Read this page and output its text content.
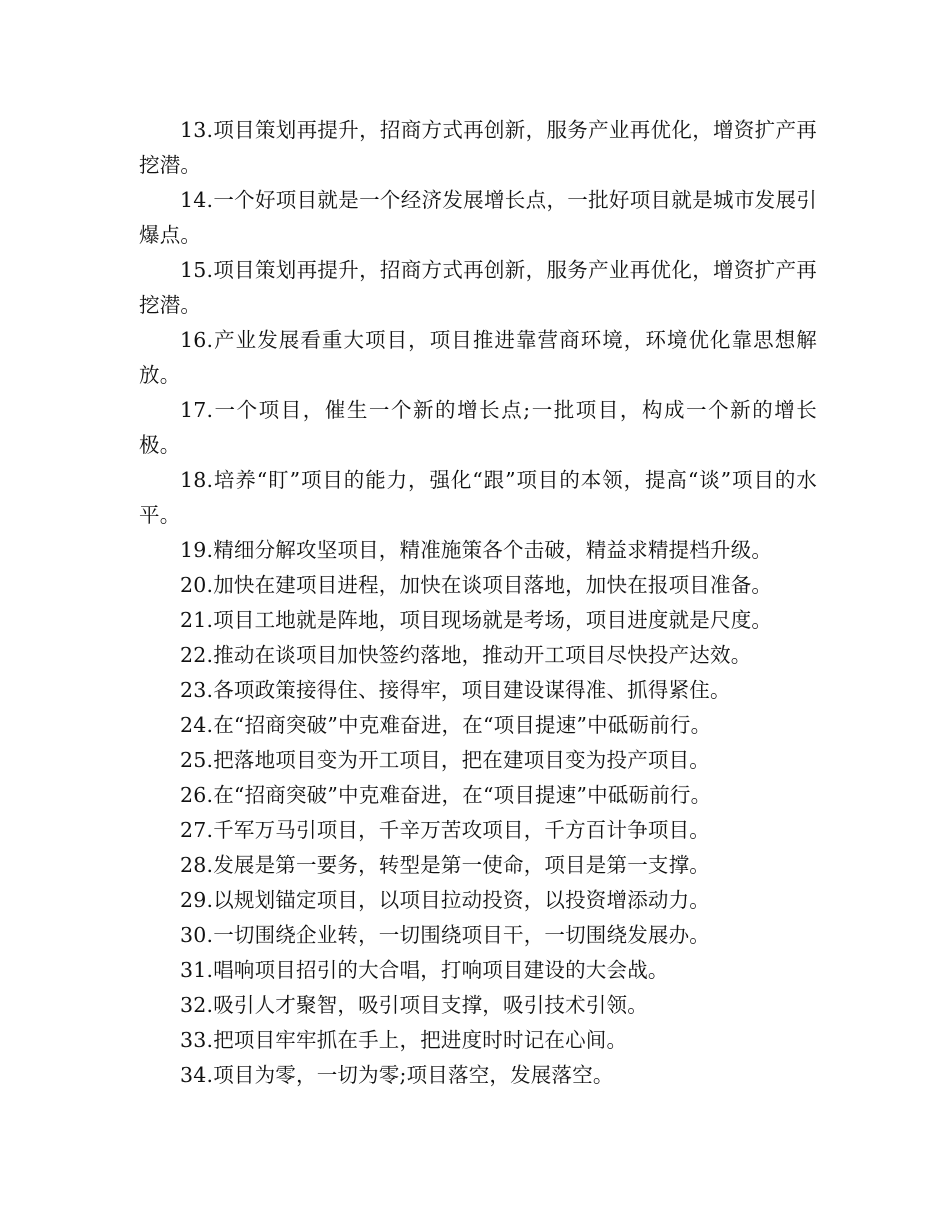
13.项目策划再提升，招商方式再创新，服务产业再优化，增资扩产再挖潜。

14.一个好项目就是一个经济发展增长点，一批好项目就是城市发展引爆点。

15.项目策划再提升，招商方式再创新，服务产业再优化，增资扩产再挖潜。

16.产业发展看重大项目，项目推进靠营商环境，环境优化靠思想解放。

17.一个项目，催生一个新的增长点;一批项目，构成一个新的增长极。

18.培养“盯”项目的能力，强化“跟”项目的本领，提高“谈”项目的水平。

19.精细分解攻坚项目，精准施策各个击破，精益求精提档升级。

20.加快在建项目进程，加快在谈项目落地，加快在报项目准备。

21.项目工地就是阵地，项目现场就是考场，项目进度就是尺度。

22.推动在谈项目加快签约落地，推动开工项目尽快投产达效。

23.各项政策接得住、接得牢，项目建设谋得准、抓得紧住。

24.在“招商突破”中克难奋进，在“项目提速”中砥砺前行。

25.把落地项目变为开工项目，把在建项目变为投产项目。

26.在“招商突破”中克难奋进，在“项目提速”中砥砺前行。

27.千军万马引项目，千辛万苦攻项目，千方百计争项目。

28.发展是第一要务，转型是第一使命，项目是第一支撑。

29.以规划锚定项目，以项目拉动投资，以投资增添动力。

30.一切围绕企业转，一切围绕项目干，一切围绕发展办。

31.唱响项目招引的大合唱，打响项目建设的大会战。

32.吸引人才聚智，吸引项目支撑，吸引技术引领。

33.把项目牢牢抓在手上，把进度时时记在心间。

34.项目为零，一切为零;项目落空，发展落空。
